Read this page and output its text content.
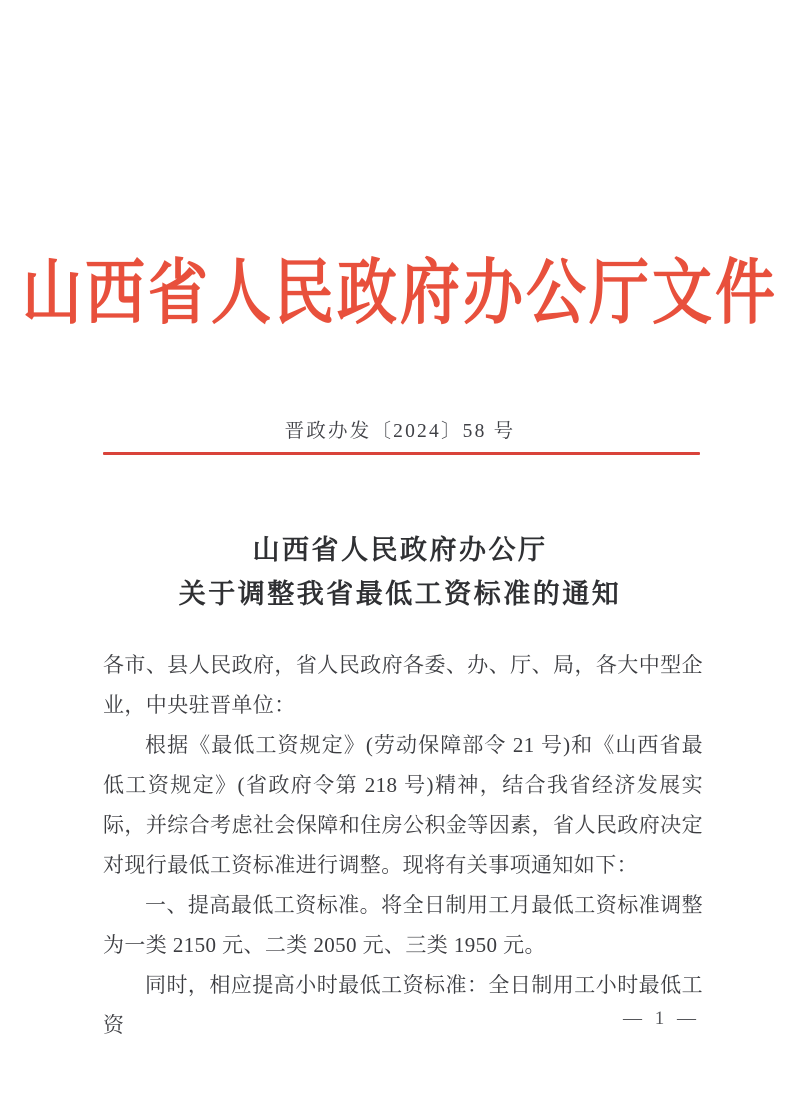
山西省人民政府办公厅文件
晋政办发〔2024〕58 号
山西省人民政府办公厅
关于调整我省最低工资标准的通知

各市、县人民政府，省人民政府各委、办、厅、局，各大中型企业，中央驻晋单位：

根据《最低工资规定》(劳动保障部令 21 号)和《山西省最低工资规定》(省政府令第 218 号)精神，结合我省经济发展实际，并综合考虑社会保障和住房公积金等因素，省人民政府决定对现行最低工资标准进行调整。现将有关事项通知如下：

一、提高最低工资标准。将全日制用工月最低工资标准调整为一类 2150 元、二类 2050 元、三类 1950 元。

同时，相应提高小时最低工资标准：全日制用工小时最低工资	— 1 —
